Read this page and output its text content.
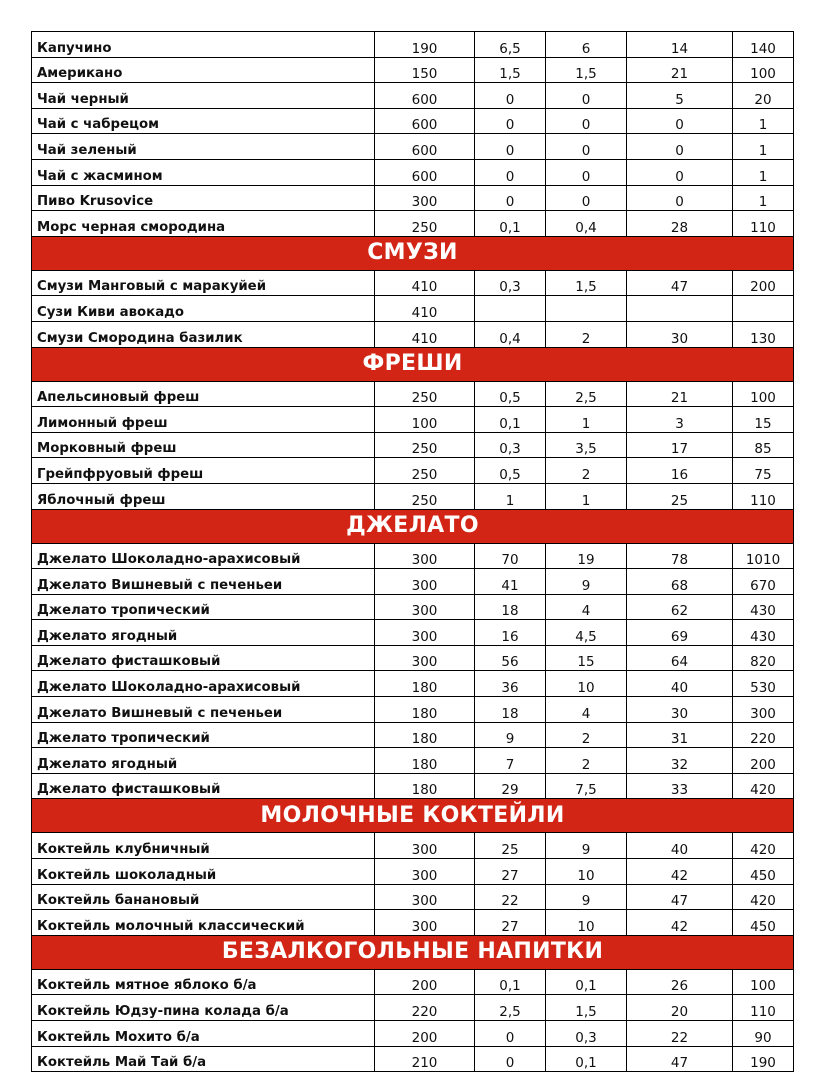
Капучино	190	6,5	6	14	140
Американо	150	1,5	1,5	21	100
Чай черный	600	0	0	5	20
Чай с чабрецом	600	0	0	0	1
Чай зеленый	600	0	0	0	1
Чай с жасмином	600	0	0	0	1
Пиво Krusovice	300	0	0	0	1
Морс черная смородина	250	0,1	0,4	28	110
СМУЗИ					
Смузи Манговый с маракуйей	410	0,3	1,5	47	200
Сузи Киви авокадо	410				
Смузи Смородина базилик	410	0,4	2	30	130
ФРЕШИ					
Апельсиновый фреш	250	0,5	2,5	21	100
Лимонный фреш	100	0,1	1	3	15
Морковный фреш	250	0,3	3,5	17	85
Грейпфруовый фреш	250	0,5	2	16	75
Яблочный фреш	250	1	1	25	110
ДЖЕЛАТО					
Джелато Шоколадно-арахисовый	300	70	19	78	1010
Джелато Вишневый с печеньеи	300	41	9	68	670
Джелато тропический	300	18	4	62	430
Джелато ягодный	300	16	4,5	69	430
Джелато фисташковый	300	56	15	64	820
Джелато Шоколадно-арахисовый	180	36	10	40	530
Джелато Вишневый с печеньеи	180	18	4	30	300
Джелато тропический	180	9	2	31	220
Джелато ягодный	180	7	2	32	200
Джелато фисташковый	180	29	7,5	33	420
МОЛОЧНЫЕ КОКТЕЙЛИ					
Коктейль клубничный	300	25	9	40	420
Коктейль шоколадный	300	27	10	42	450
Коктейль банановый	300	22	9	47	420
Коктейль молочный классический	300	27	10	42	450
БЕЗАЛКОГОЛЬНЫЕ НАПИТКИ					
Коктейль мятное яблоко б/а	200	0,1	0,1	26	100
Коктейль Юдзу-пина колада б/а	220	2,5	1,5	20	110
Коктейль Мохито б/а	200	0	0,3	22	90
Коктейль Май Тай б/а	210	0	0,1	47	190
